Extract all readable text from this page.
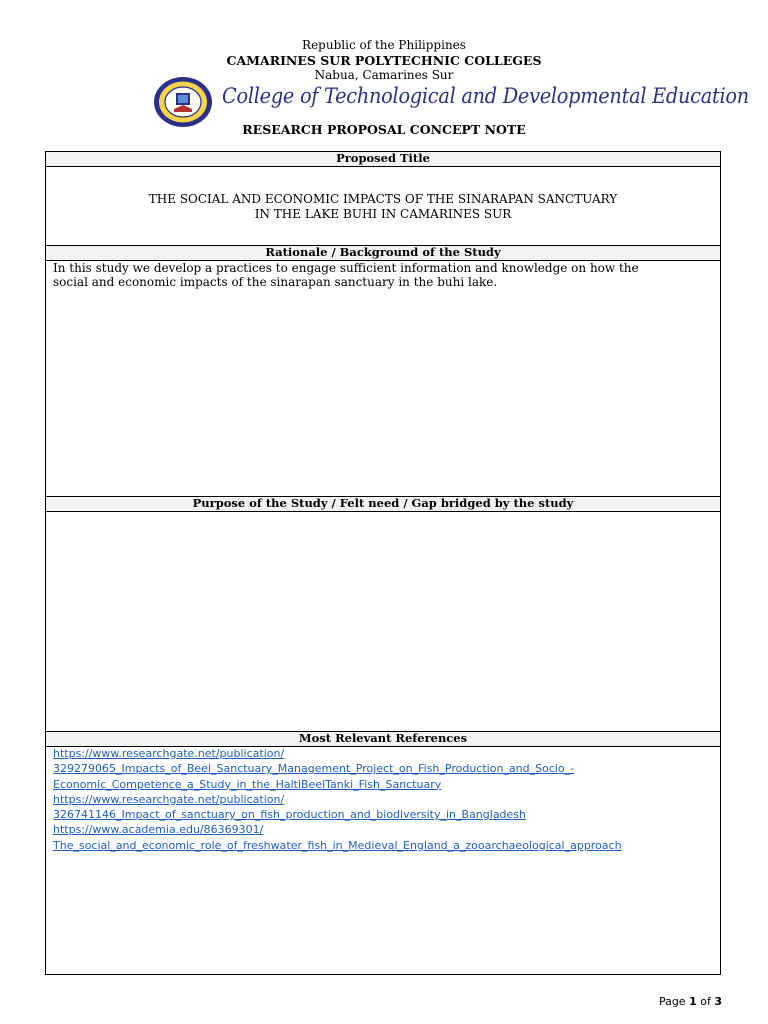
Republic of the Philippines
CAMARINES SUR POLYTECHNIC COLLEGES
Nabua, Camarines Sur
College of Technological and Developmental Education
RESEARCH PROPOSAL CONCEPT NOTE
Proposed Title
THE SOCIAL AND ECONOMIC IMPACTS OF THE SINARAPAN SANCTUARY
IN THE LAKE BUHI IN CAMARINES SUR
Rationale / Background of the Study
In this study we develop a practices to engage sufficient information and knowledge on how the
social and economic impacts of the sinarapan sanctuary in the buhi lake.
Purpose of the Study / Felt need / Gap bridged by the study
Most Relevant References
https://www.researchgate.net/publication/
329279065_Impacts_of_Beel_Sanctuary_Management_Project_on_Fish_Production_and_Socio_-
Economic_Competence_a_Study_in_the_HaltiBeelTanki_Fish_Sanctuary
https://www.researchgate.net/publication/
326741146_Impact_of_sanctuary_on_fish_production_and_biodiversity_in_Bangladesh
https://www.academia.edu/86369301/
The_social_and_economic_role_of_freshwater_fish_in_Medieval_England_a_zooarchaeological_approach
Page 1 of 3
